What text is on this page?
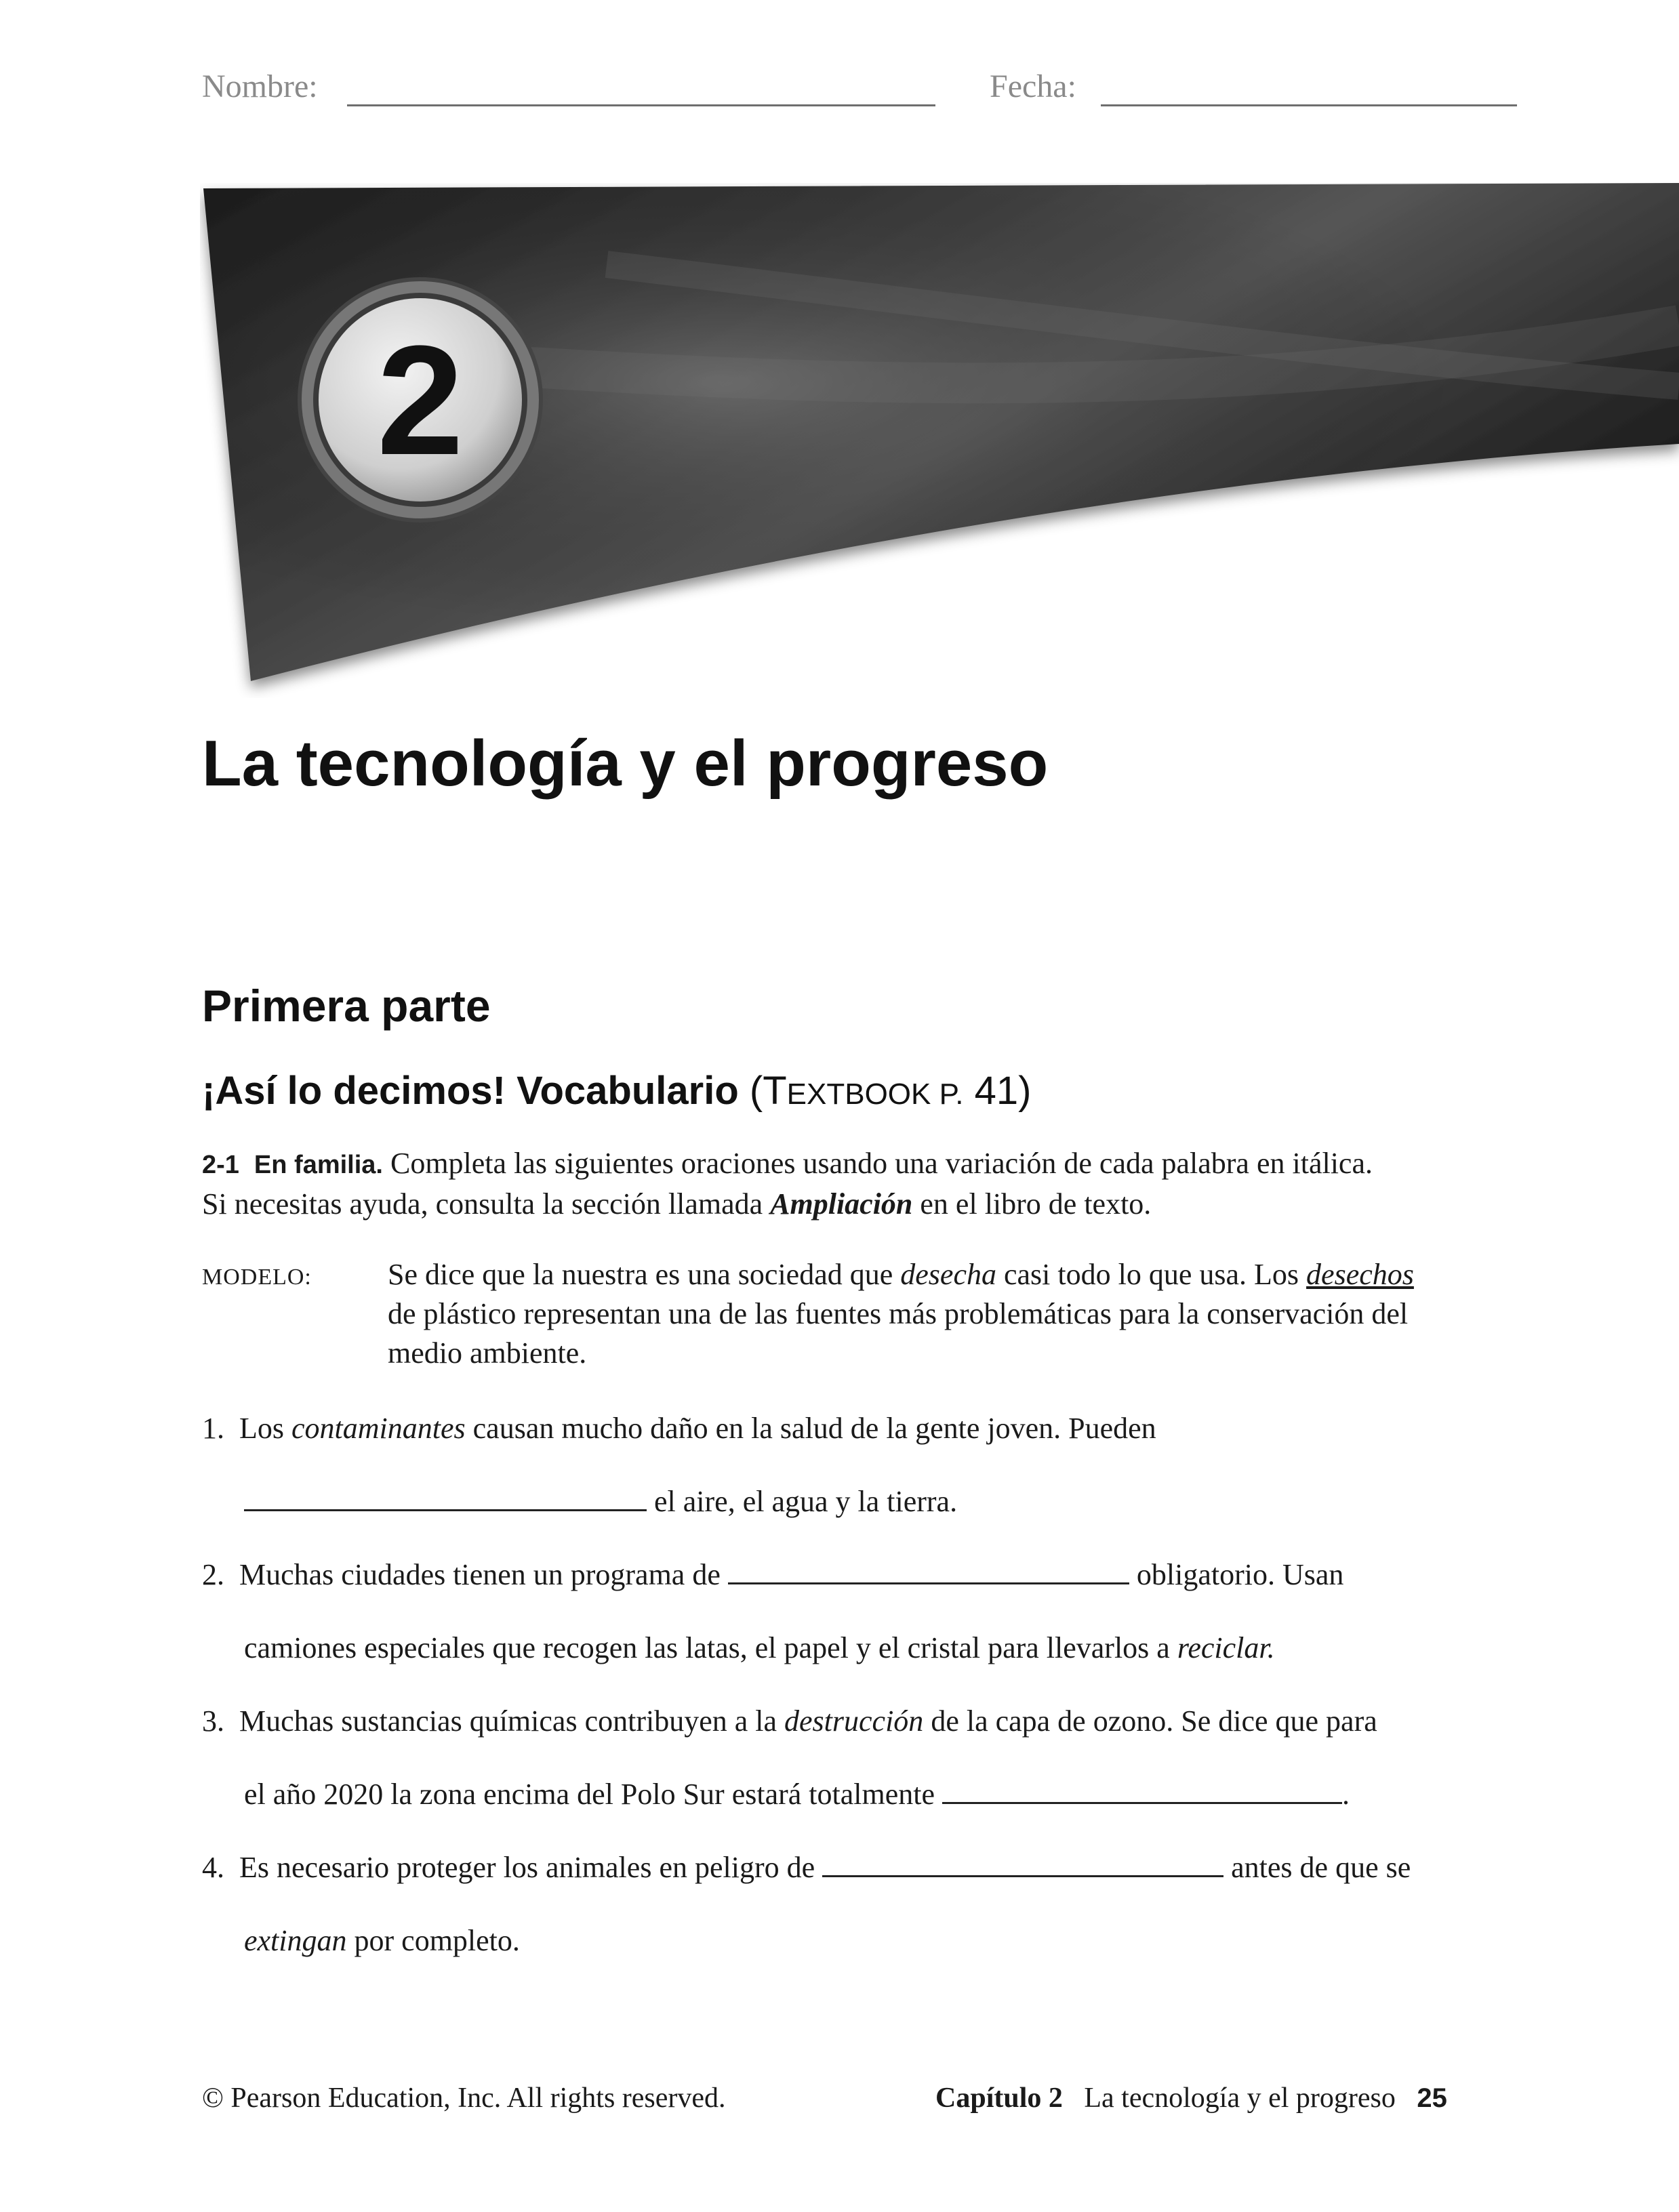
Nombre:	Fecha:
2
La tecnología y el progreso
Primera parte
¡Así lo decimos! Vocabulario (TEXTBOOK P. 41)
2-1 En familia. Completa las siguientes oraciones usando una variación de cada palabra en itálica.
Si necesitas ayuda, consulta la sección llamada Ampliación en el libro de texto.
MODELO:	Se dice que la nuestra es una sociedad que desecha casi todo lo que usa. Los desechos
de plástico representan una de las fuentes más problemáticas para la conservación del
medio ambiente.
1. Los contaminantes causan mucho daño en la salud de la gente joven. Pueden
el aire, el agua y la tierra.
2. Muchas ciudades tienen un programa de	obligatorio. Usan
camiones especiales que recogen las latas, el papel y el cristal para llevarlos a reciclar.
3. Muchas sustancias químicas contribuyen a la destrucción de la capa de ozono. Se dice que para
el año 2020 la zona encima del Polo Sur estará totalmente	.
4. Es necesario proteger los animales en peligro de	antes de que se
extingan por completo.
© Pearson Education, Inc. All rights reserved.	Capítulo 2 La tecnología y el progreso 25
